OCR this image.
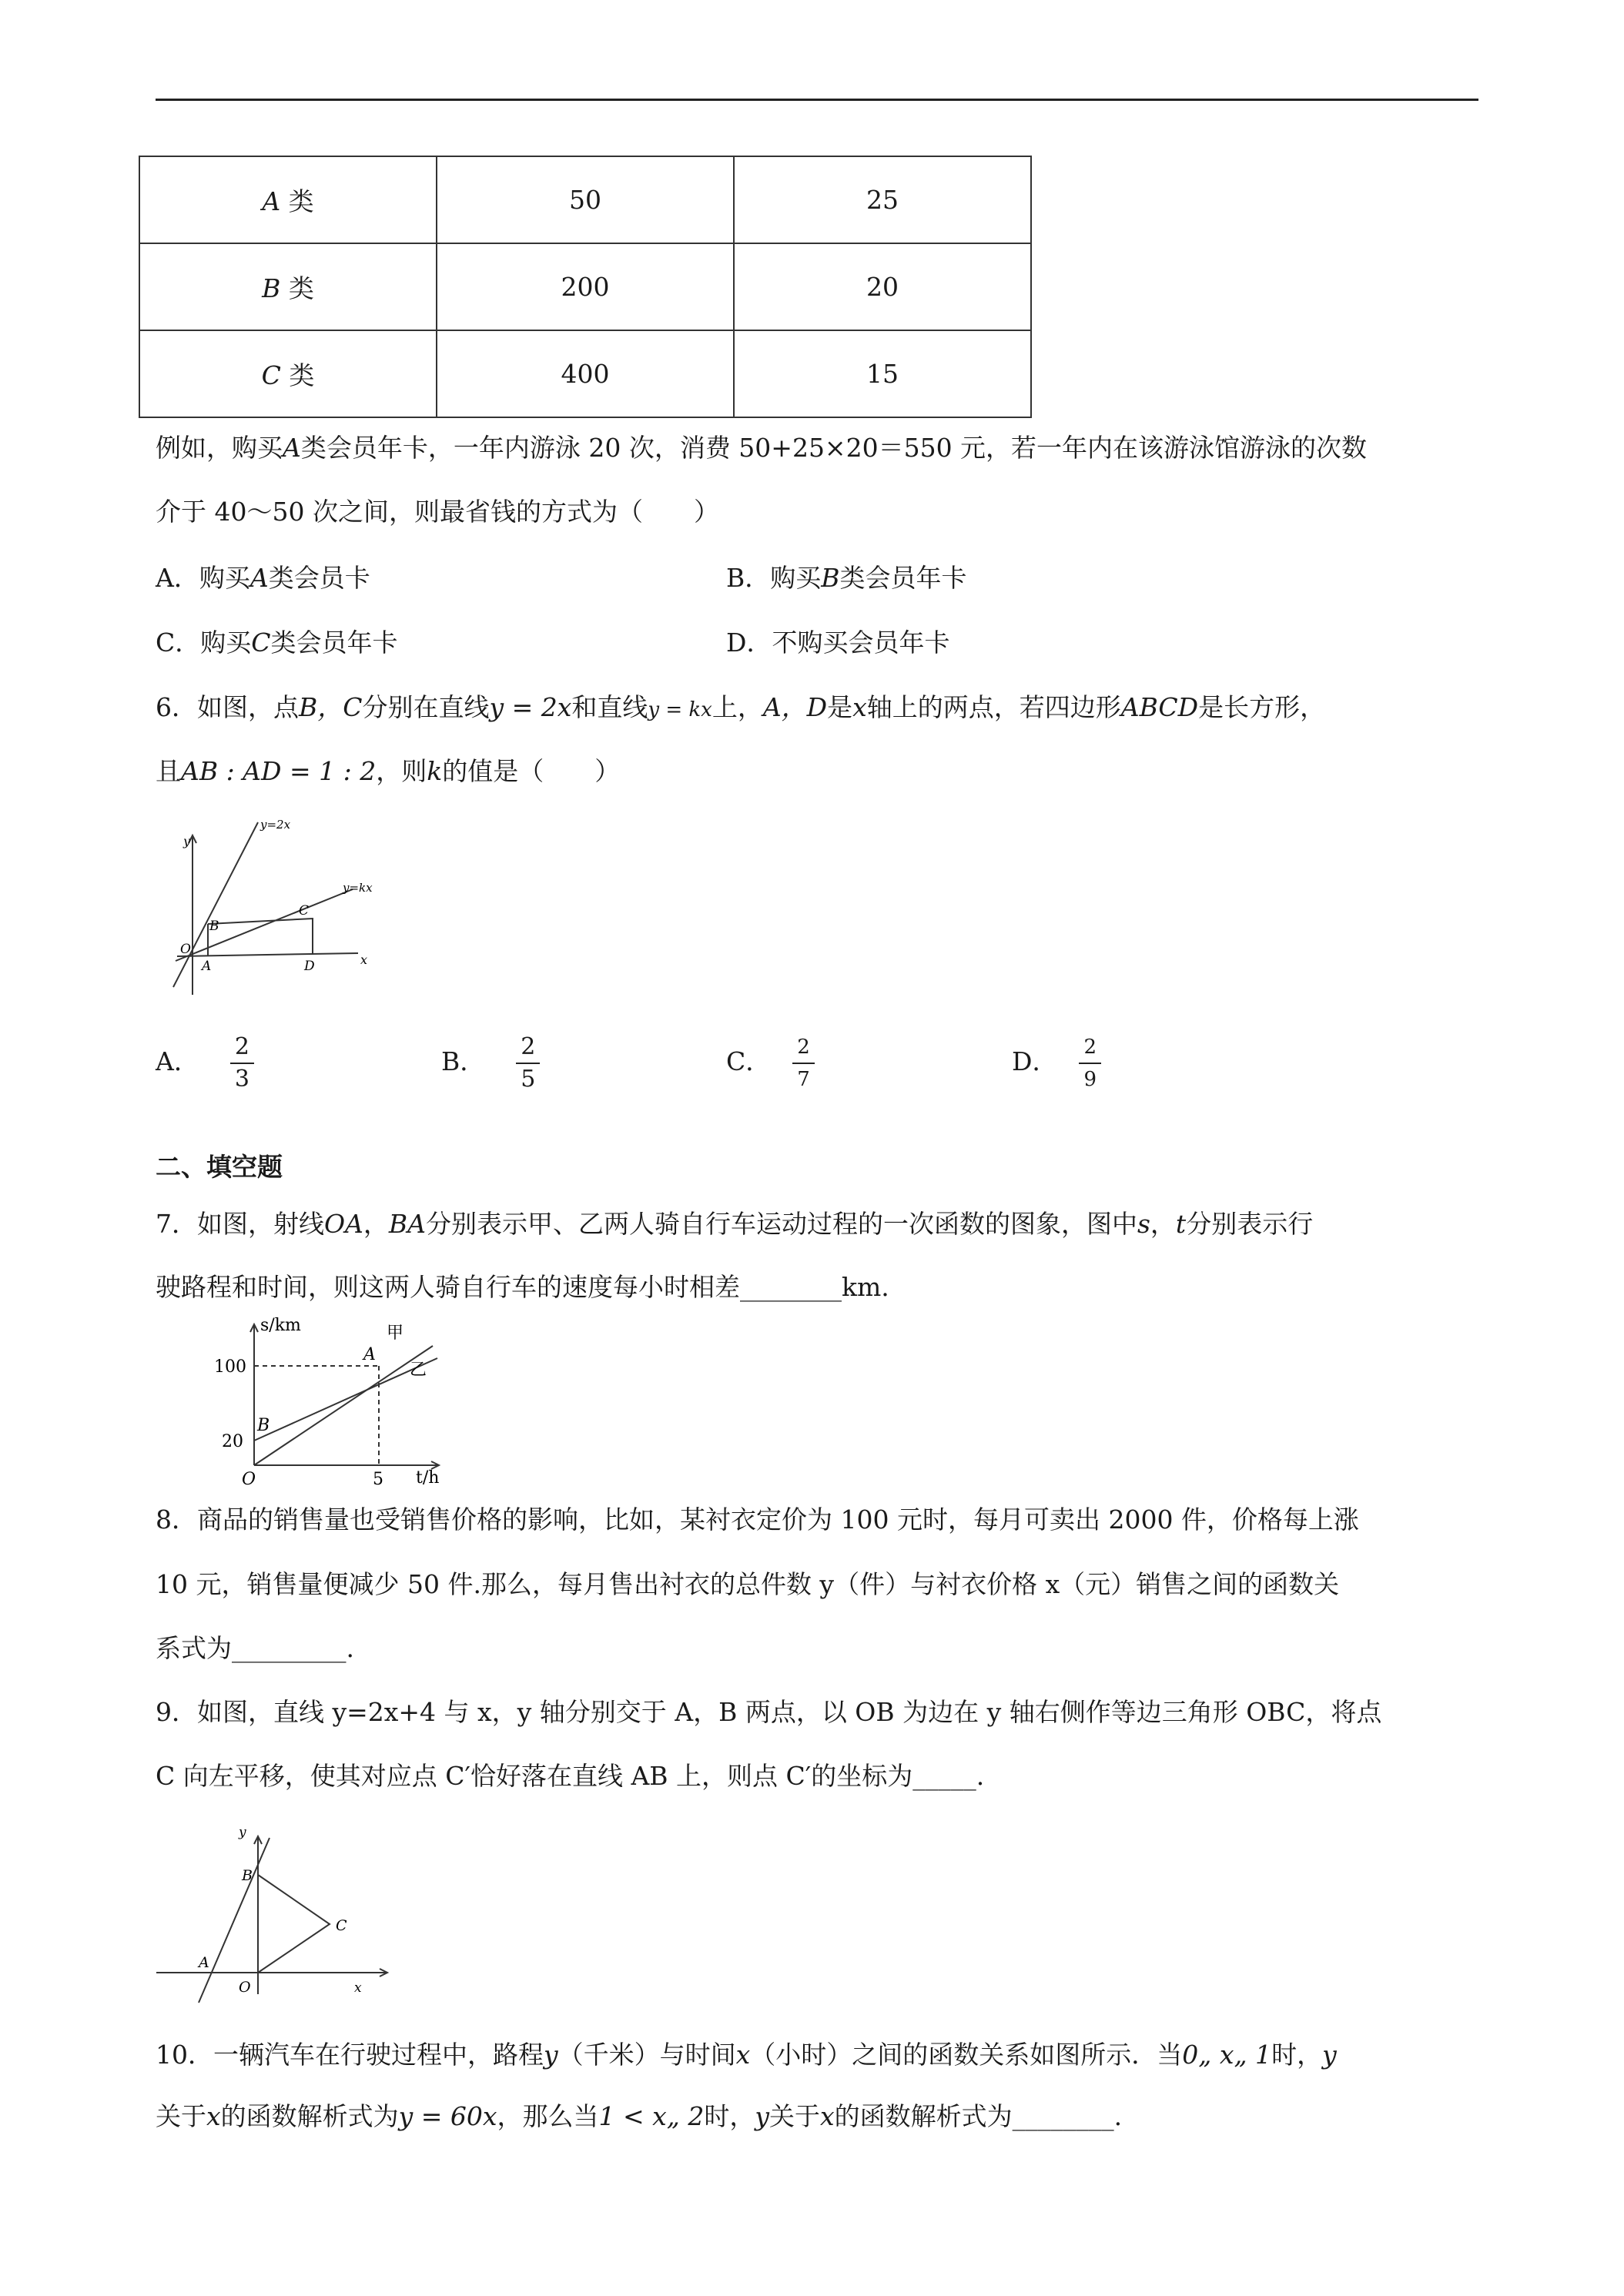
A 类	50	25
B 类	200	20
C 类	400	15
例如，购买A类会员年卡，一年内游泳 20 次，消费 50+25×20＝550 元，若一年内在该游泳馆游泳的次数
介于 40～50 次之间，则最省钱的方式为（　　）
A．购买A类会员卡	B．购买B类会员年卡
C．购买C类会员年卡	D．不购买会员年卡
6．如图，点B，C分别在直线y = 2x和直线y = kx上，A，D是x轴上的两点，若四边形ABCD是长方形，
且AB : AD = 1 : 2，则k的值是（　　）
y
x
y=2x
y=kx
O
A
B
C
D
A． $\frac{2}{3}$	B． $\frac{2}{5}$	C． $\frac{2}{7}$	D． $\frac{2}{9}$
二、填空题
7．如图，射线OA，BA分别表示甲、乙两人骑自行车运动过程的一次函数的图象，图中s，t分别表示行
驶路程和时间，则这两人骑自行车的速度每小时相差________km.
s/km
t/h
100
20
5
O
A
B
甲
乙
8．商品的销售量也受销售价格的影响，比如，某衬衣定价为 100 元时，每月可卖出 2000 件，价格每上涨
10 元，销售量便减少 50 件.那么，每月售出衬衣的总件数 y（件）与衬衣价格 x（元）销售之间的函数关
系式为_________.
9．如图，直线 y=2x+4 与 x，y 轴分别交于 A，B 两点，以 OB 为边在 y 轴右侧作等边三角形 OBC，将点
C 向左平移，使其对应点 C′恰好落在直线 AB 上，则点 C′的坐标为_____.
y
x
A
B
C
O
10．一辆汽车在行驶过程中，路程y（千米）与时间x（小时）之间的函数关系如图所示．当0„ x„ 1时，y
关于x的函数解析式为y = 60x，那么当1 < x„ 2时，y关于x的函数解析式为________.
